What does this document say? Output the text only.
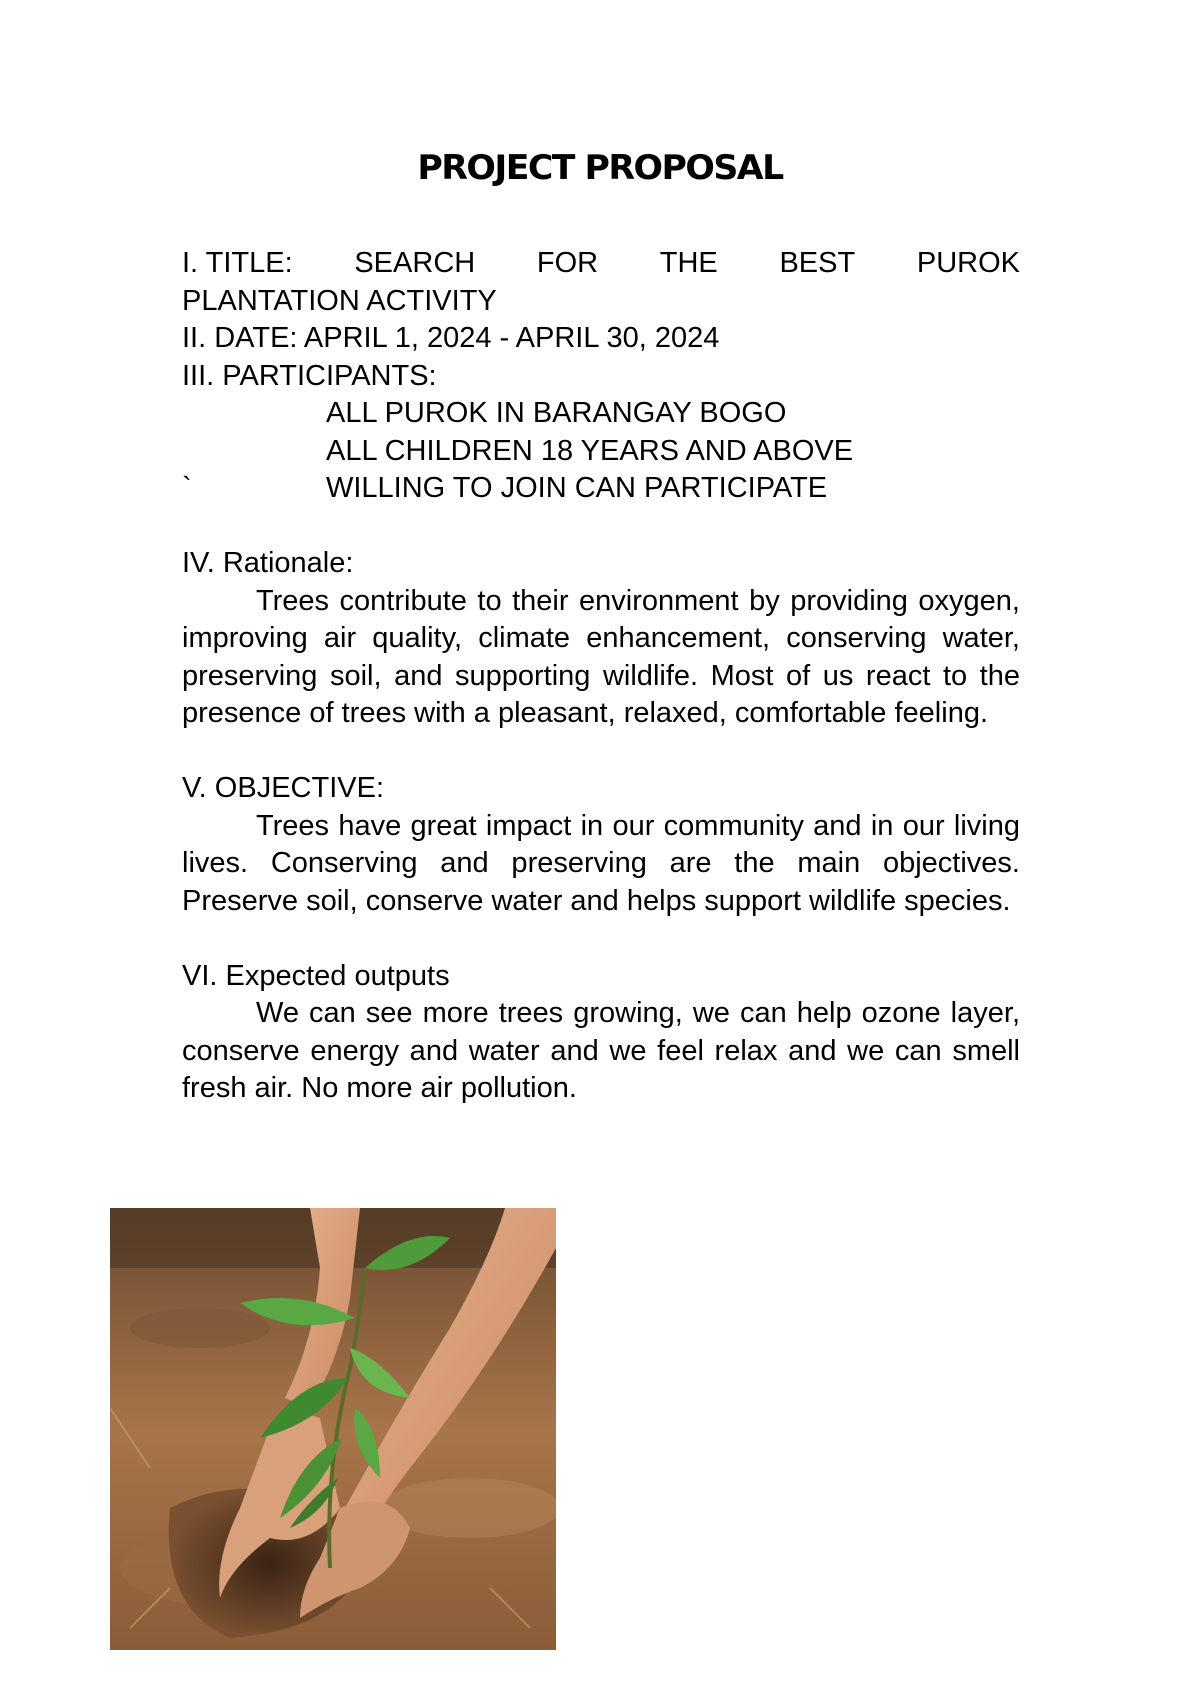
PROJECT PROPOSAL
I. TITLE: SEARCH FOR THE BEST PUROK
PLANTATION ACTIVITY
II. DATE: APRIL 1, 2024 - APRIL 30, 2024
III. PARTICIPANTS:
ALL PUROK IN BARANGAY BOGO
ALL CHILDREN 18 YEARS AND ABOVE
`	WILLING TO JOIN CAN PARTICIPATE
IV. Rationale:

Trees contribute to their environment by providing oxygen, improving air quality, climate enhancement, conserving water, preserving soil, and supporting wildlife. Most of us react to the presence of trees with a pleasant, relaxed, comfortable feeling.

V. OBJECTIVE:

Trees have great impact in our community and in our living lives. Conserving and preserving are the main objectives. Preserve soil, conserve water and helps support wildlife species.

VI. Expected outputs

We can see more trees growing, we can help ozone layer, conserve energy and water and we feel relax and we can smell fresh air. No more air pollution.
